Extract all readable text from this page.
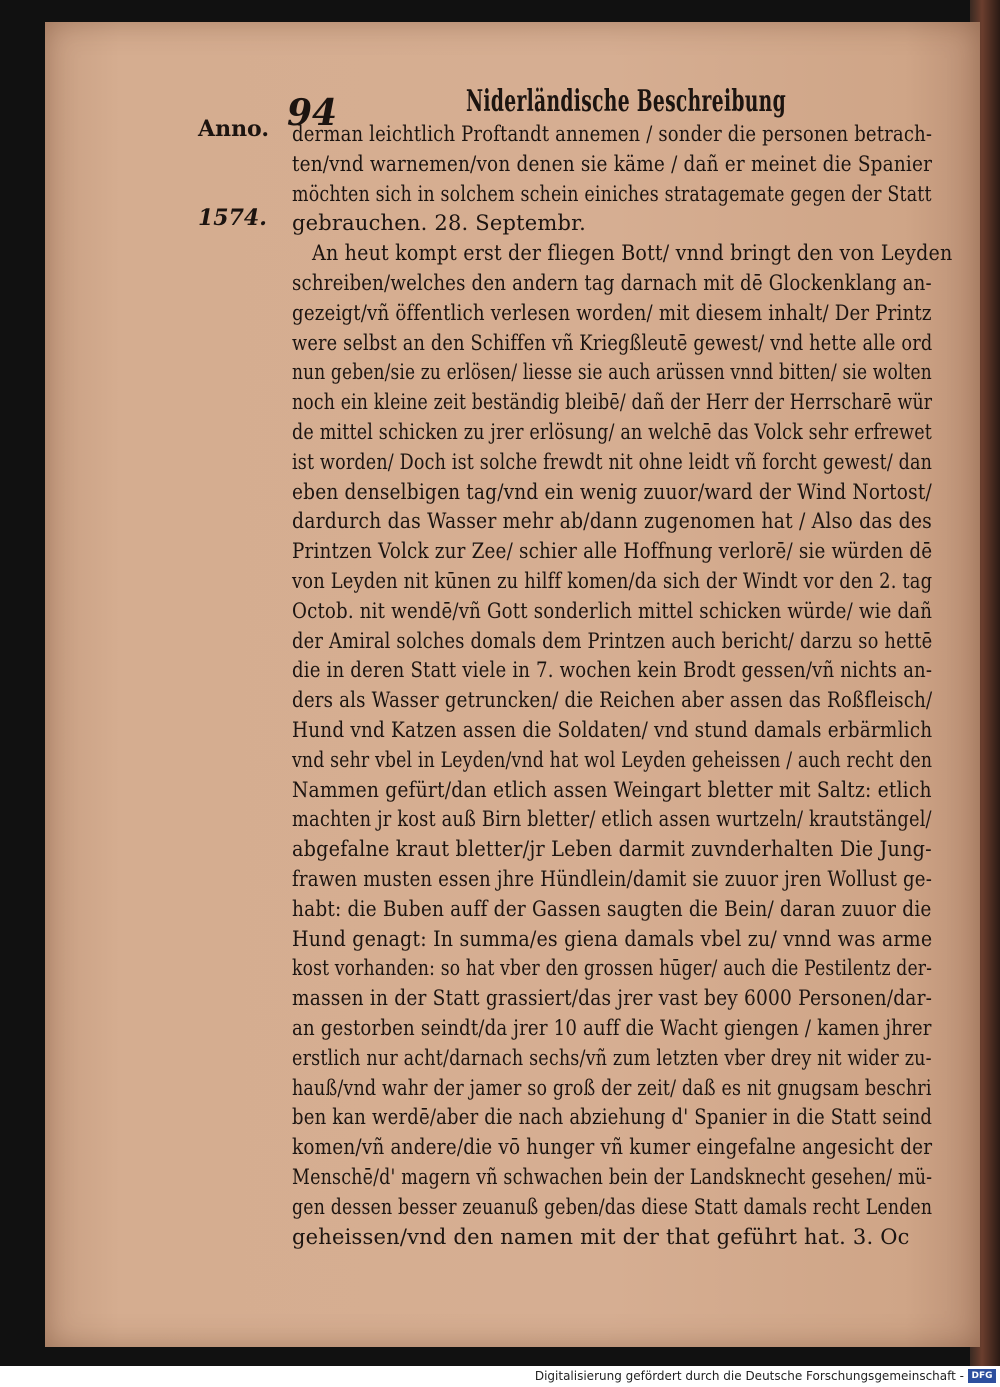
94	Niderländische Beschreibung
Anno.
1574.
derman leichtlich Proftandt annemen / sonder die personen betrach-
ten/vnd warnemen/von denen sie käme / dañ er meinet die Spanier
möchten sich in solchem schein einiches stratagemate gegen der Statt
gebrauchen. 28. Septembr.
An heut kompt erst der fliegen Bott/ vnnd bringt den von Leyden
schreiben/welches den andern tag darnach mit dē Glockenklang an-
gezeigt/vñ öffentlich verlesen worden/ mit diesem inhalt/ Der Printz
were selbst an den Schiffen vñ Kriegßleutē gewest/ vnd hette alle ord
nun geben/sie zu erlösen/ liesse sie auch arüssen vnnd bitten/ sie wolten
noch ein kleine zeit beständig bleibē/ dañ der Herr der Herrscharē wür
de mittel schicken zu jrer erlösung/ an welchē das Volck sehr erfrewet
ist worden/ Doch ist solche frewdt nit ohne leidt vñ forcht gewest/ dan
eben denselbigen tag/vnd ein wenig zuuor/ward der Wind Nortost/
dardurch das Wasser mehr ab/dann zugenomen hat / Also das des
Printzen Volck zur Zee/ schier alle Hoffnung verlorē/ sie würden dē
von Leyden nit kūnen zu hilff komen/da sich der Windt vor den 2. tag
Octob. nit wendē/vñ Gott sonderlich mittel schicken würde/ wie dañ
der Amiral solches domals dem Printzen auch bericht/ darzu so hettē
die in deren Statt viele in 7. wochen kein Brodt gessen/vñ nichts an-
ders als Wasser getruncken/ die Reichen aber assen das Roßfleisch/
Hund vnd Katzen assen die Soldaten/ vnd stund damals erbärmlich
vnd sehr vbel in Leyden/vnd hat wol Leyden geheissen / auch recht den
Nammen gefürt/dan etlich assen Weingart bletter mit Saltz: etlich
machten jr kost auß Birn bletter/ etlich assen wurtzeln/ krautstängel/
abgefalne kraut bletter/jr Leben darmit zuvnderhalten Die Jung-
frawen musten essen jhre Hündlein/damit sie zuuor jren Wollust ge-
habt: die Buben auff der Gassen saugten die Bein/ daran zuuor die
Hund genagt: In summa/es giena damals vbel zu/ vnnd was arme
kost vorhanden: so hat vber den grossen hūger/ auch die Pestilentz der-
massen in der Statt grassiert/das jrer vast bey 6000 Personen/dar-
an gestorben seindt/da jrer 10 auff die Wacht giengen / kamen jhrer
erstlich nur acht/darnach sechs/vñ zum letzten vber drey nit wider zu-
hauß/vnd wahr der jamer so groß der zeit/ daß es nit gnugsam beschri
ben kan werdē/aber die nach abziehung d' Spanier in die Statt seind
komen/vñ andere/die vō hunger vñ kumer eingefalne angesicht der
Menschē/d' magern vñ schwachen bein der Landsknecht gesehen/ mü-
gen dessen besser zeuanuß geben/das diese Statt damals recht Lenden
geheissen/vnd den namen mit der that geführt hat. 3. Oc
Digitalisierung gefördert durch die Deutsche Forschungsgemeinschaft - DFG
